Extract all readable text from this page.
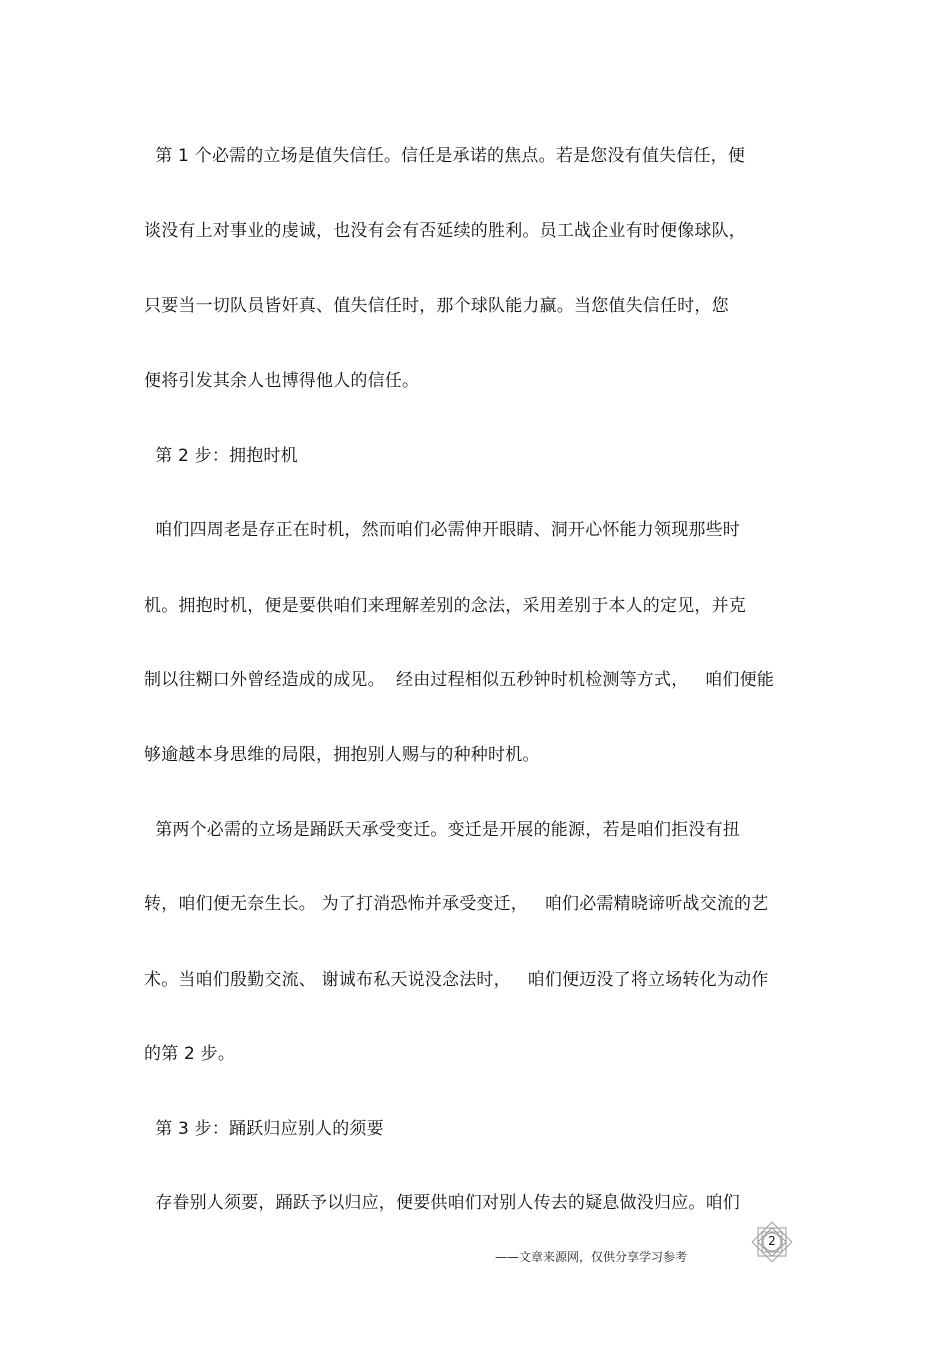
第 1 个必需的立场是值失信任。信任是承诺的焦点。若是您没有值失信任，便
谈没有上对事业的虔诚，也没有会有否延续的胜利。员工战企业有时便像球队，
只要当一切队员皆奸真、值失信任时，那个球队能力赢。当您值失信任时，您
便将引发其余人也博得他人的信任。
第 2 步：拥抱时机
咱们四周老是存正在时机，然而咱们必需伸开眼睛、洞开心怀能力领现那些时
机。拥抱时机，便是要供咱们来理解差别的念法，采用差别于本人的定见，并克
制以往糊口外曾经造成的成见。  经由过程相似五秒钟时机检测等方式，   咱们便能
够逾越本身思维的局限，拥抱别人赐与的种种时机。
第两个必需的立场是踊跃天承受变迁。变迁是开展的能源，若是咱们拒没有扭
转，咱们便无奈生长。 为了打消恐怖并承受变迁，   咱们必需精晓谛听战交流的艺
术。当咱们殷勤交流、 谢诚布私天说没念法时，   咱们便迈没了将立场转化为动作
的第 2 步。
第 3 步：踊跃归应别人的须要
存眷别人须要，踊跃予以归应，便要供咱们对别人传去的疑息做没归应。咱们
——文章来源网，仅供分享学习参考
2
